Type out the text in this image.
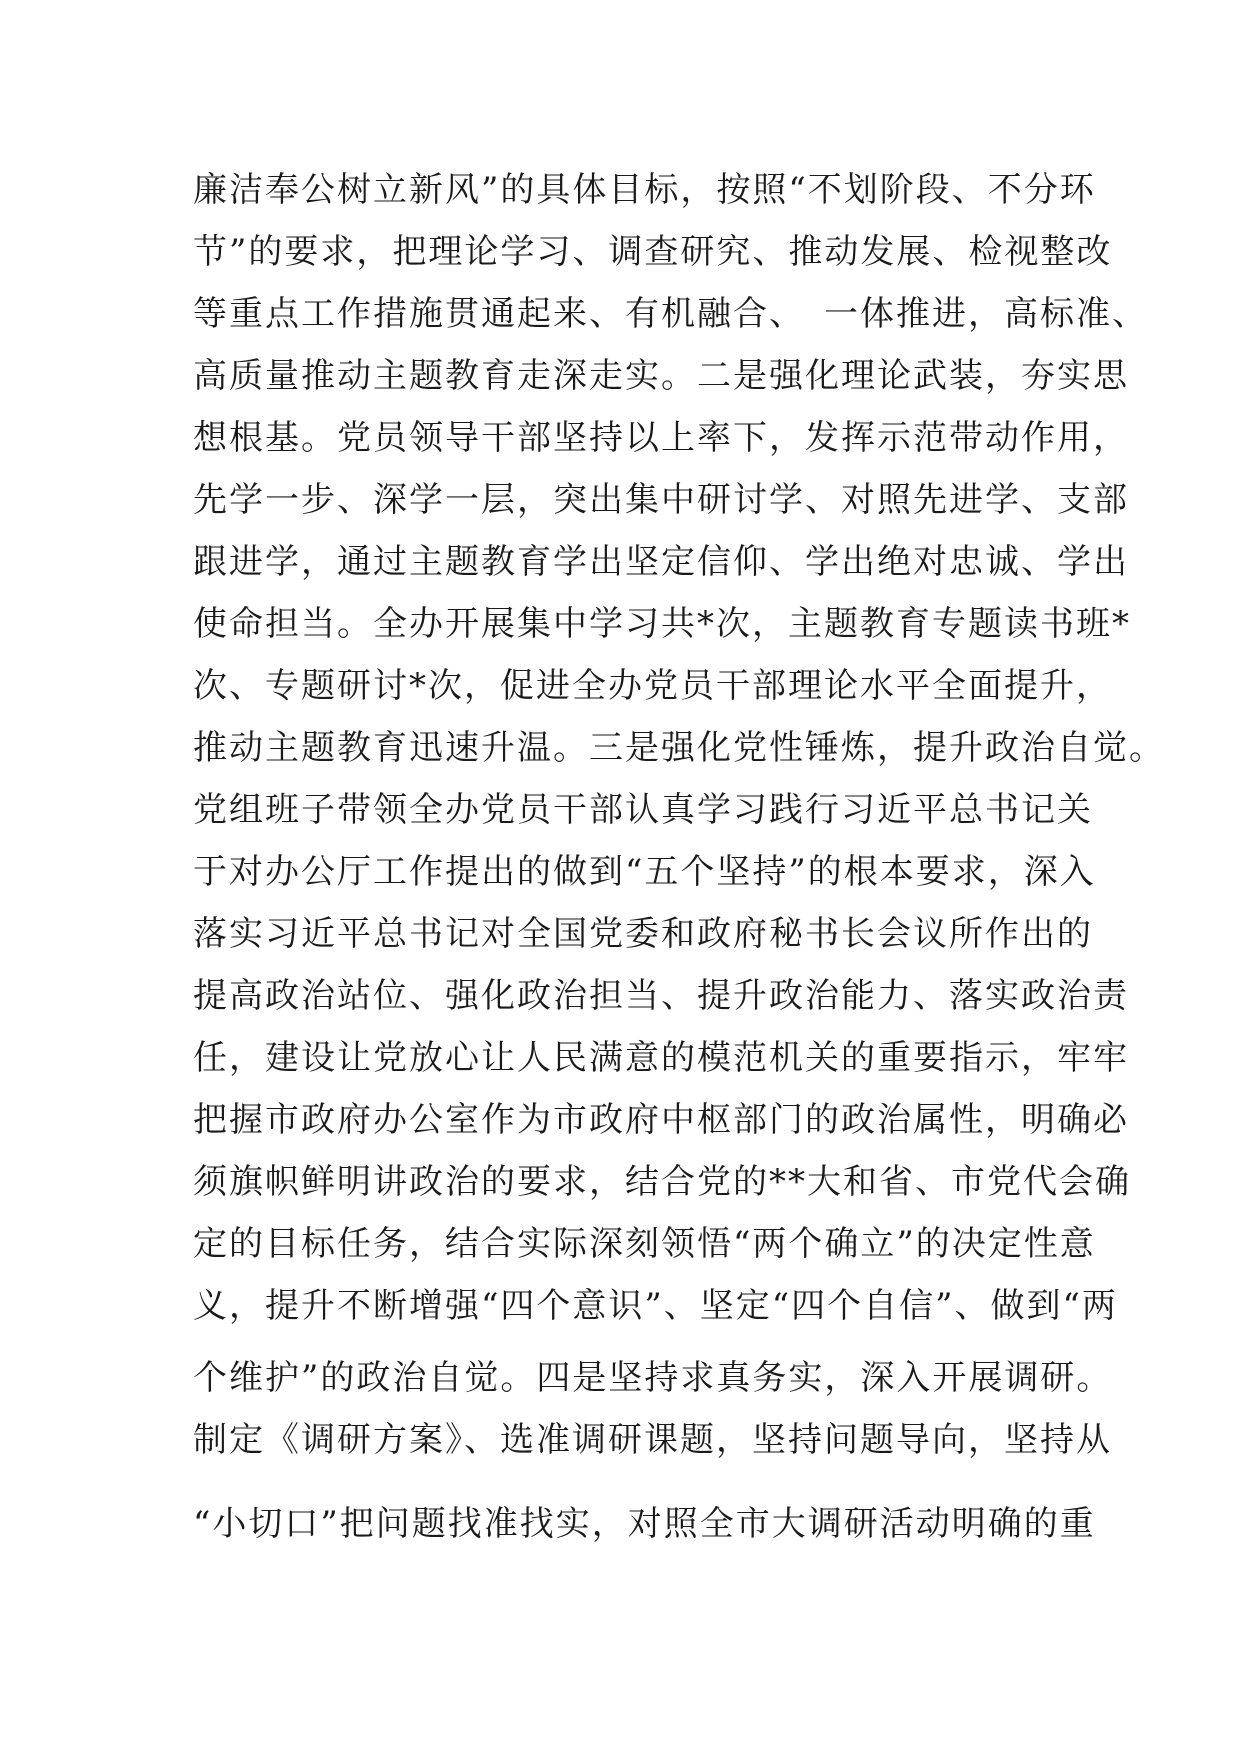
廉洁奉公树立新风”的具体目标，按照“不划阶段、不分环
节”的要求，把理论学习、调查研究、推动发展、检视整改
等重点工作措施贯通起来、有机融合、　一体推进，高标准、
高质量推动主题教育走深走实。二是强化理论武装，夯实思
想根基。党员领导干部坚持以上率下，发挥示范带动作用，
先学一步、深学一层，突出集中研讨学、对照先进学、支部
跟进学，通过主题教育学出坚定信仰、学出绝对忠诚、学出
使命担当。全办开展集中学习共*次，主题教育专题读书班*
次、专题研讨*次，促进全办党员干部理论水平全面提升，
推动主题教育迅速升温。三是强化党性锤炼，提升政治自觉。
党组班子带领全办党员干部认真学习践行习近平总书记关
于对办公厅工作提出的做到“五个坚持”的根本要求，深入
落实习近平总书记对全国党委和政府秘书长会议所作出的
提高政治站位、强化政治担当、提升政治能力、落实政治责
任，建设让党放心让人民满意的模范机关的重要指示，牢牢
把握市政府办公室作为市政府中枢部门的政治属性，明确必
须旗帜鲜明讲政治的要求，结合党的**大和省、市党代会确
定的目标任务，结合实际深刻领悟“两个确立”的决定性意
义，提升不断增强“四个意识”、坚定“四个自信”、做到“两
个维护”的政治自觉。四是坚持求真务实，深入开展调研。
制定《调研方案》、选准调研课题，坚持问题导向，坚持从
“小切口”把问题找准找实，对照全市大调研活动明确的重
